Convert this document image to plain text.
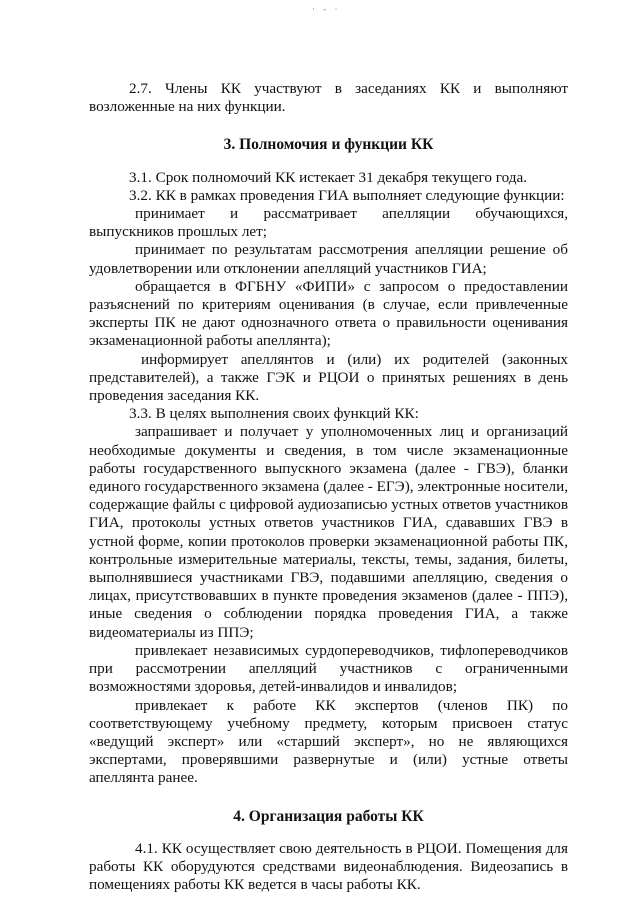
· - ·

2.7. Члены КК участвуют в заседаниях КК и выполняют возложенные на них функции.

3. Полномочия и функции КК

3.1. Срок полномочий КК истекает 31 декабря текущего года.

3.2. КК в рамках проведения ГИА выполняет следующие функции:

принимает и рассматривает апелляции обучающихся, выпускников прошлых лет;

принимает по результатам рассмотрения апелляции решение об удовлетворении или отклонении апелляций участников ГИА;

обращается в ФГБНУ «ФИПИ» с запросом о предоставлении разъяснений по критериям оценивания (в случае, если привлеченные эксперты ПК не дают однозначного ответа о правильности оценивания экзаменационной работы апеллянта);

информирует апеллянтов и (или) их родителей (законных представителей), а также ГЭК и РЦОИ о принятых решениях в день проведения заседания КК.

3.3. В целях выполнения своих функций КК:

запрашивает и получает у уполномоченных лиц и организаций необходимые документы и сведения, в том числе экзаменационные работы государственного выпускного экзамена (далее - ГВЭ), бланки единого государственного экзамена (далее - ЕГЭ), электронные носители, содержащие файлы с цифровой аудиозаписью устных ответов участников ГИА, протоколы устных ответов участников ГИА, сдававших ГВЭ в устной форме, копии протоколов проверки экзаменационной работы ПК, контрольные измерительные материалы, тексты, темы, задания, билеты, выполнявшиеся участниками ГВЭ, подавшими апелляцию, сведения о лицах, присутствовавших в пункте проведения экзаменов (далее - ППЭ), иные сведения о соблюдении порядка проведения ГИА, а также видеоматериалы из ППЭ;

привлекает независимых сурдопереводчиков, тифлопереводчиков при рассмотрении апелляций участников с ограниченными возможностями здоровья, детей-инвалидов и инвалидов;

привлекает к работе КК экспертов (членов ПК) по соответствующему учебному предмету, которым присвоен статус «ведущий эксперт» или «старший эксперт», но не являющихся экспертами, проверявшими развернутые и (или) устные ответы апеллянта ранее.

4. Организация работы КК

4.1. КК осуществляет свою деятельность в РЦОИ. Помещения для работы КК оборудуются средствами видеонаблюдения. Видеозапись в помещениях работы КК ведется в часы работы КК.
